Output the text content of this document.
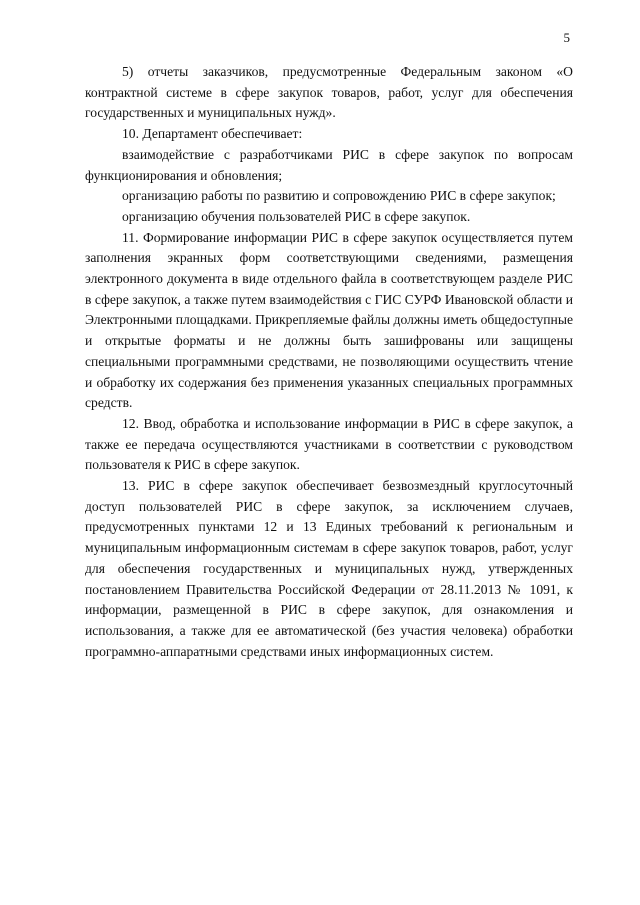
5

5) отчеты заказчиков, предусмотренные Федеральным законом «О контрактной системе в сфере закупок товаров, работ, услуг для обеспечения государственных и муниципальных нужд».

10. Департамент обеспечивает:

взаимодействие с разработчиками РИС в сфере закупок по вопросам функционирования и обновления;

организацию работы по развитию и сопровождению РИС в сфере закупок;

организацию обучения пользователей РИС в сфере закупок.

11. Формирование информации РИС в сфере закупок осуществляется путем заполнения экранных форм соответствующими сведениями, размещения электронного документа в виде отдельного файла в соответствующем разделе РИС в сфере закупок, а также путем взаимодействия с ГИС СУРФ Ивановской области и Электронными площадками. Прикрепляемые файлы должны иметь общедоступные и открытые форматы и не должны быть зашифрованы или защищены специальными программными средствами, не позволяющими осуществить чтение и обработку их содержания без применения указанных специальных программных средств.

12. Ввод, обработка и использование информации в РИС в сфере закупок, а также ее передача осуществляются участниками в соответствии с руководством пользователя к РИС в сфере закупок.

13. РИС в сфере закупок обеспечивает безвозмездный круглосуточный доступ пользователей РИС в сфере закупок, за исключением случаев, предусмотренных пунктами 12 и 13 Единых требований к региональным и муниципальным информационным системам в сфере закупок товаров, работ, услуг для обеспечения государственных и муниципальных нужд, утвержденных постановлением Правительства Российской Федерации от 28.11.2013 № 1091, к информации, размещенной в РИС в сфере закупок, для ознакомления и использования, а также для ее автоматической (без участия человека) обработки программно-аппаратными средствами иных информационных систем.
